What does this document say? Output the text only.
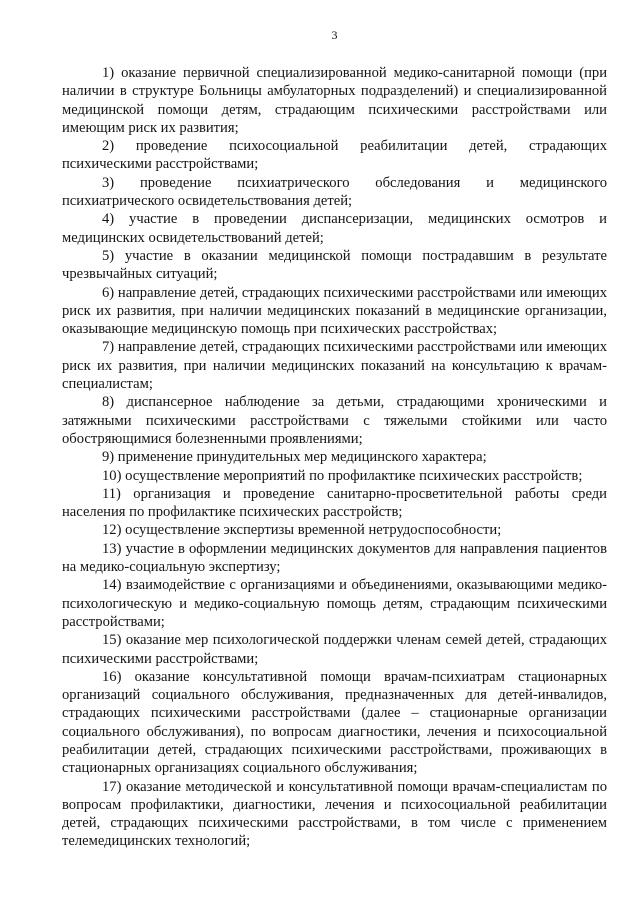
3

1) оказание первичной специализированной медико-санитарной помощи (при наличии в структуре Больницы амбулаторных подразделений) и специализированной медицинской помощи детям, страдающим психическими расстройствами или имеющим риск их развития;

2) проведение психосоциальной реабилитации детей, страдающих психическими расстройствами;

3) проведение психиатрического обследования и медицинского психиатрического освидетельствования детей;

4) участие в проведении диспансеризации, медицинских осмотров и медицинских освидетельствований детей;

5) участие в оказании медицинской помощи пострадавшим в результате чрезвычайных ситуаций;

6) направление детей, страдающих психическими расстройствами или имеющих риск их развития, при наличии медицинских показаний в медицинские организации, оказывающие медицинскую помощь при психических расстройствах;

7) направление детей, страдающих психическими расстройствами или имеющих риск их развития, при наличии медицинских показаний на консультацию к врачам-специалистам;

8) диспансерное наблюдение за детьми, страдающими хроническими и затяжными психическими расстройствами с тяжелыми стойкими или часто обостряющимися болезненными проявлениями;

9) применение принудительных мер медицинского характера;

10) осуществление мероприятий по профилактике психических расстройств;

11) организация и проведение санитарно-просветительной работы среди населения по профилактике психических расстройств;

12) осуществление экспертизы временной нетрудоспособности;

13) участие в оформлении медицинских документов для направления пациентов на медико-социальную экспертизу;

14) взаимодействие с организациями и объединениями, оказывающими медико-психологическую и медико-социальную помощь детям, страдающим психическими расстройствами;

15) оказание мер психологической поддержки членам семей детей, страдающих психическими расстройствами;

16) оказание консультативной помощи врачам-психиатрам стационарных организаций социального обслуживания, предназначенных для детей-инвалидов, страдающих психическими расстройствами (далее – стационарные организации социального обслуживания), по вопросам диагностики, лечения и психосоциальной реабилитации детей, страдающих психическими расстройствами, проживающих в стационарных организациях социального обслуживания;

17) оказание методической и консультативной помощи врачам-специалистам по вопросам профилактики, диагностики, лечения и психосоциальной реабилитации детей, страдающих психическими расстройствами, в том числе с применением телемедицинских технологий;
